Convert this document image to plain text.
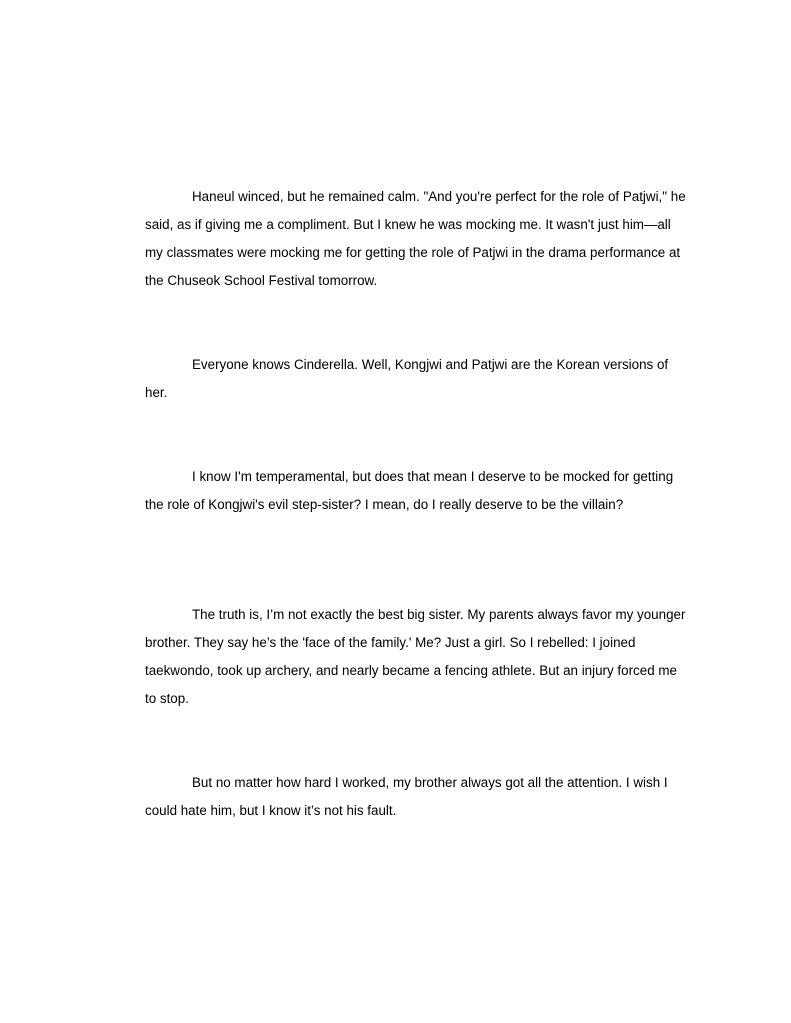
Haneul winced, but he remained calm. "And you're perfect for the role of Patjwi," he said, as if giving me a compliment. But I knew he was mocking me. It wasn't just him—all my classmates were mocking me for getting the role of Patjwi in the drama performance at the Chuseok School Festival tomorrow.

Everyone knows Cinderella. Well, Kongjwi and Patjwi are the Korean versions of her.

I know I'm temperamental, but does that mean I deserve to be mocked for getting the role of Kongjwi's evil step-sister? I mean, do I really deserve to be the villain?

The truth is, I’m not exactly the best big sister. My parents always favor my younger brother. They say he’s the 'face of the family.' Me? Just a girl. So I rebelled: I joined taekwondo, took up archery, and nearly became a fencing athlete. But an injury forced me to stop.

But no matter how hard I worked, my brother always got all the attention. I wish I could hate him, but I know it’s not his fault.
